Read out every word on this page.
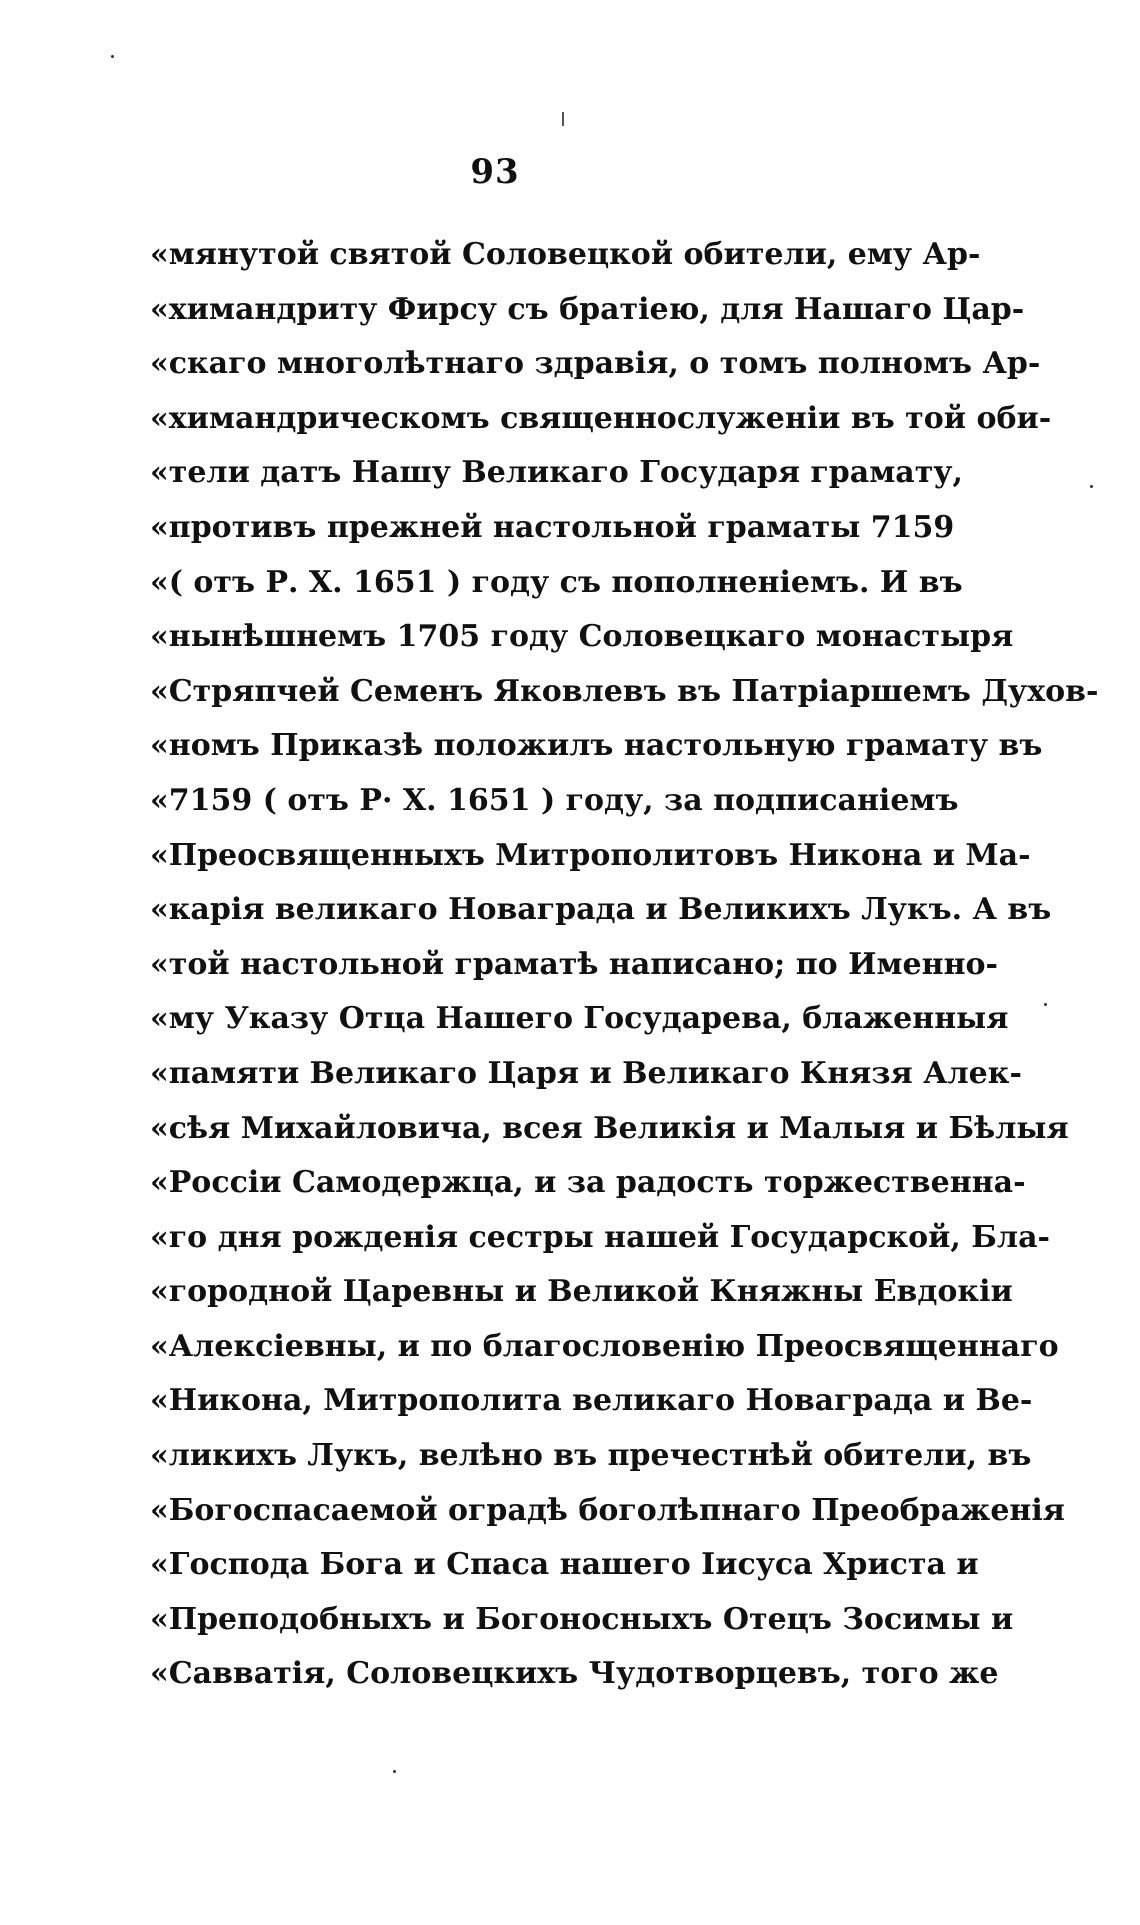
93
«мянутой святой Соловецкой обители, ему Ар-
«химандриту Фирсу съ братіею, для Нашаго Цар-
«скаго многолѣтнаго здравія, о томъ полномъ Ар-
«химандрическомъ священнослуженіи въ той оби-
«тели датъ Нашу Великаго Государя грамату,
«противъ прежней настольной граматы 7159
«( отъ Р. Х. 1651 ) году съ пополненіемъ. И въ
«нынѣшнемъ 1705 году Соловецкаго монастыря
«Стряпчей Семенъ Яковлевъ въ Патріаршемъ Духов-
«номъ Приказѣ положилъ настольную грамату въ
«7159 ( отъ Р· Х. 1651 ) году, за подписаніемъ
«Преосвященныхъ Митрополитовъ Никона и Ма-
«карія великаго Новаграда и Великихъ Лукъ. А въ
«той настольной граматѣ написано; по Именно-
«му Указу Отца Нашего Государева, блаженныя
«памяти Великаго Царя и Великаго Князя Алек-
«сѣя Михайловича, всея Великія и Малыя и Бѣлыя
«Россіи Самодержца, и за радость торжественна-
«го дня рожденія сестры нашей Государской, Бла-
«городной Царевны и Великой Княжны Евдокіи
«Алексіевны, и по благословенію Преосвященнаго
«Никона, Митрополита великаго Новаграда и Ве-
«ликихъ Лукъ, велѣно въ пречестнѣй обители, въ
«Богоспасаемой оградѣ боголѣпнаго Преображенія
«Господа Бога и Спаса нашего Іисуса Христа и
«Преподобныхъ и Богоносныхъ Отецъ Зосимы и
«Савватія, Соловецкихъ Чудотворцевъ, того же
